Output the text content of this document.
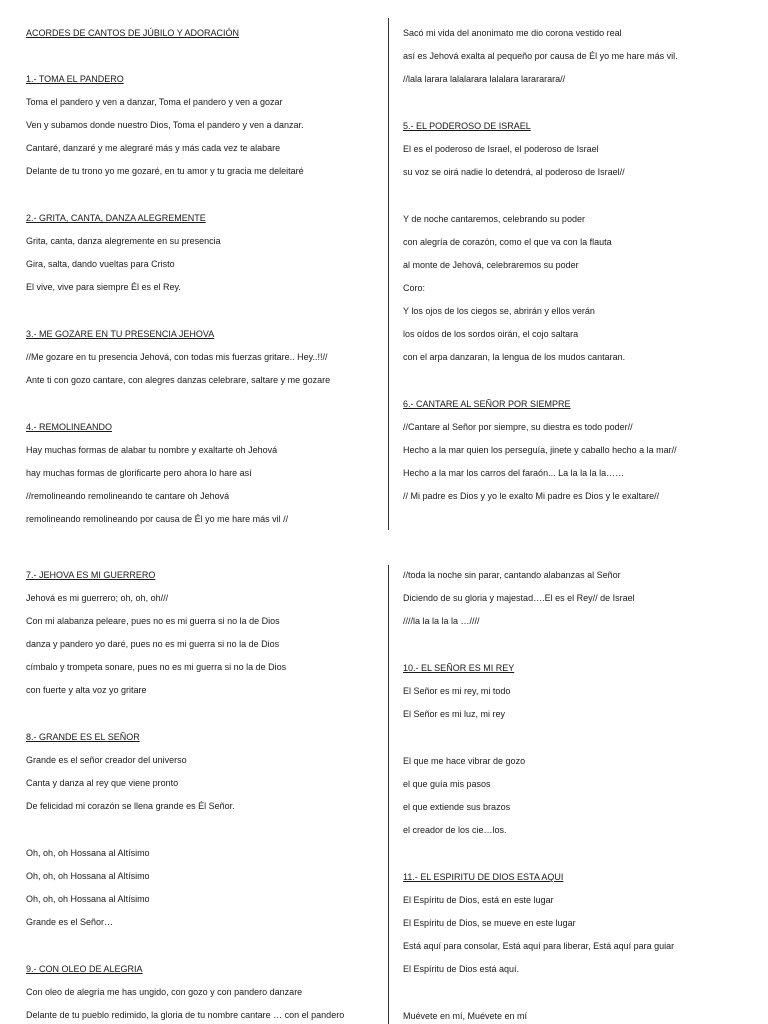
ACORDES DE CANTOS DE JÚBILO Y ADORACIÓN
1.- TOMA EL PANDERO
Toma el pandero y ven a danzar, Toma el pandero y ven a gozar
Ven y subamos donde nuestro Dios, Toma el pandero y ven a danzar.
Cantaré, danzaré y me alegraré más y más cada vez te alabare
Delante de tu trono yo me gozaré, en tu amor y tu gracia me deleitaré
2.- GRITA, CANTA, DANZA ALEGREMENTE
Grita, canta, danza alegremente en su presencia
Gira, salta, dando vueltas para Cristo
El vive, vive para siempre Él es el Rey.
3.- ME GOZARE EN TU PRESENCIA JEHOVA
//Me gozare en tu presencia Jehová, con todas mis fuerzas gritare.. Hey..!!//
Ante ti con gozo cantare, con alegres danzas celebrare, saltare y me gozare
4.- REMOLINEANDO
Hay muchas formas de alabar tu nombre y exaltarte oh Jehová
hay muchas formas de glorificarte pero ahora lo hare así
//remolineando remolineando te cantare oh Jehová
remolineando remolineando por causa de Él yo me hare más vil //
Sacó mi vida del anonimato me dio corona vestido real
así es Jehová exalta al pequeño por causa de Él yo me hare más vil.
//lala larara lalalarara lalalara larararara//
5.- EL PODEROSO DE ISRAEL
El es el poderoso de Israel, el poderoso de Israel
su voz se oirá nadie lo detendrá, al poderoso de Israel//
Y de noche cantaremos, celebrando su poder
con alegría de corazón, como el que va con la flauta
al monte de Jehová, celebraremos su poder
Coro:
Y los ojos de los ciegos se, abrirán y ellos verán
los oídos de los sordos oirán, el cojo saltara
con el arpa danzaran, la lengua de los mudos cantaran.
6.- CANTARE AL SEÑOR POR SIEMPRE
//Cantare al Señor por siempre, su diestra es todo poder//
Hecho a la mar quien los perseguía, jinete y caballo hecho a la mar//
Hecho a la mar los carros del faraón... La la la la la……
// Mi padre es Dios y yo le exalto Mi padre es Dios y le exaltare//
7.- JEHOVA ES MI GUERRERO
Jehová es mi guerrero; oh, oh, oh///
Con mi alabanza peleare, pues no es mi guerra si no la de Dios
danza y pandero yo daré, pues no es mi guerra si no la de Dios
címbalo y trompeta sonare, pues no es mi guerra si no la de Dios
con fuerte y alta voz yo gritare
8.- GRANDE ES EL SEÑOR
Grande es el señor creador del universo
Canta y danza al rey que viene pronto
De felicidad mi corazón se llena grande es Él Señor.
Oh, oh, oh Hossana al Altísimo
Oh, oh, oh Hossana al Altísimo
Oh, oh, oh Hossana al Altísimo
Grande es el Señor…
9.- CON OLEO DE ALEGRIA
Con oleo de alegría me has ungido, con gozo y con pandero danzare
Delante de tu pueblo redimido, la gloria de tu nombre cantare … con el pandero
//toda la noche sin parar, cantando alabanzas al Señor
Diciendo de su gloria y majestad….El es el Rey// de Israel
////la la la la la …////
10.- EL SEÑOR ES MI REY
El Señor es mi rey, mi todo
El Señor es mi luz, mi rey
El que me hace vibrar de gozo
el que guía mis pasos
el que extiende sus brazos
el creador de los cie…los.
11.- EL ESPIRITU DE DIOS ESTA AQUI
El Espíritu de Dios, está en este lugar
El Espíritu de Dios, se mueve en este lugar
Está aquí para consolar, Está aquí para liberar, Está aquí para guiar
El Espíritu de Dios está aquí.
Muévete en mí, Muévete en mí
